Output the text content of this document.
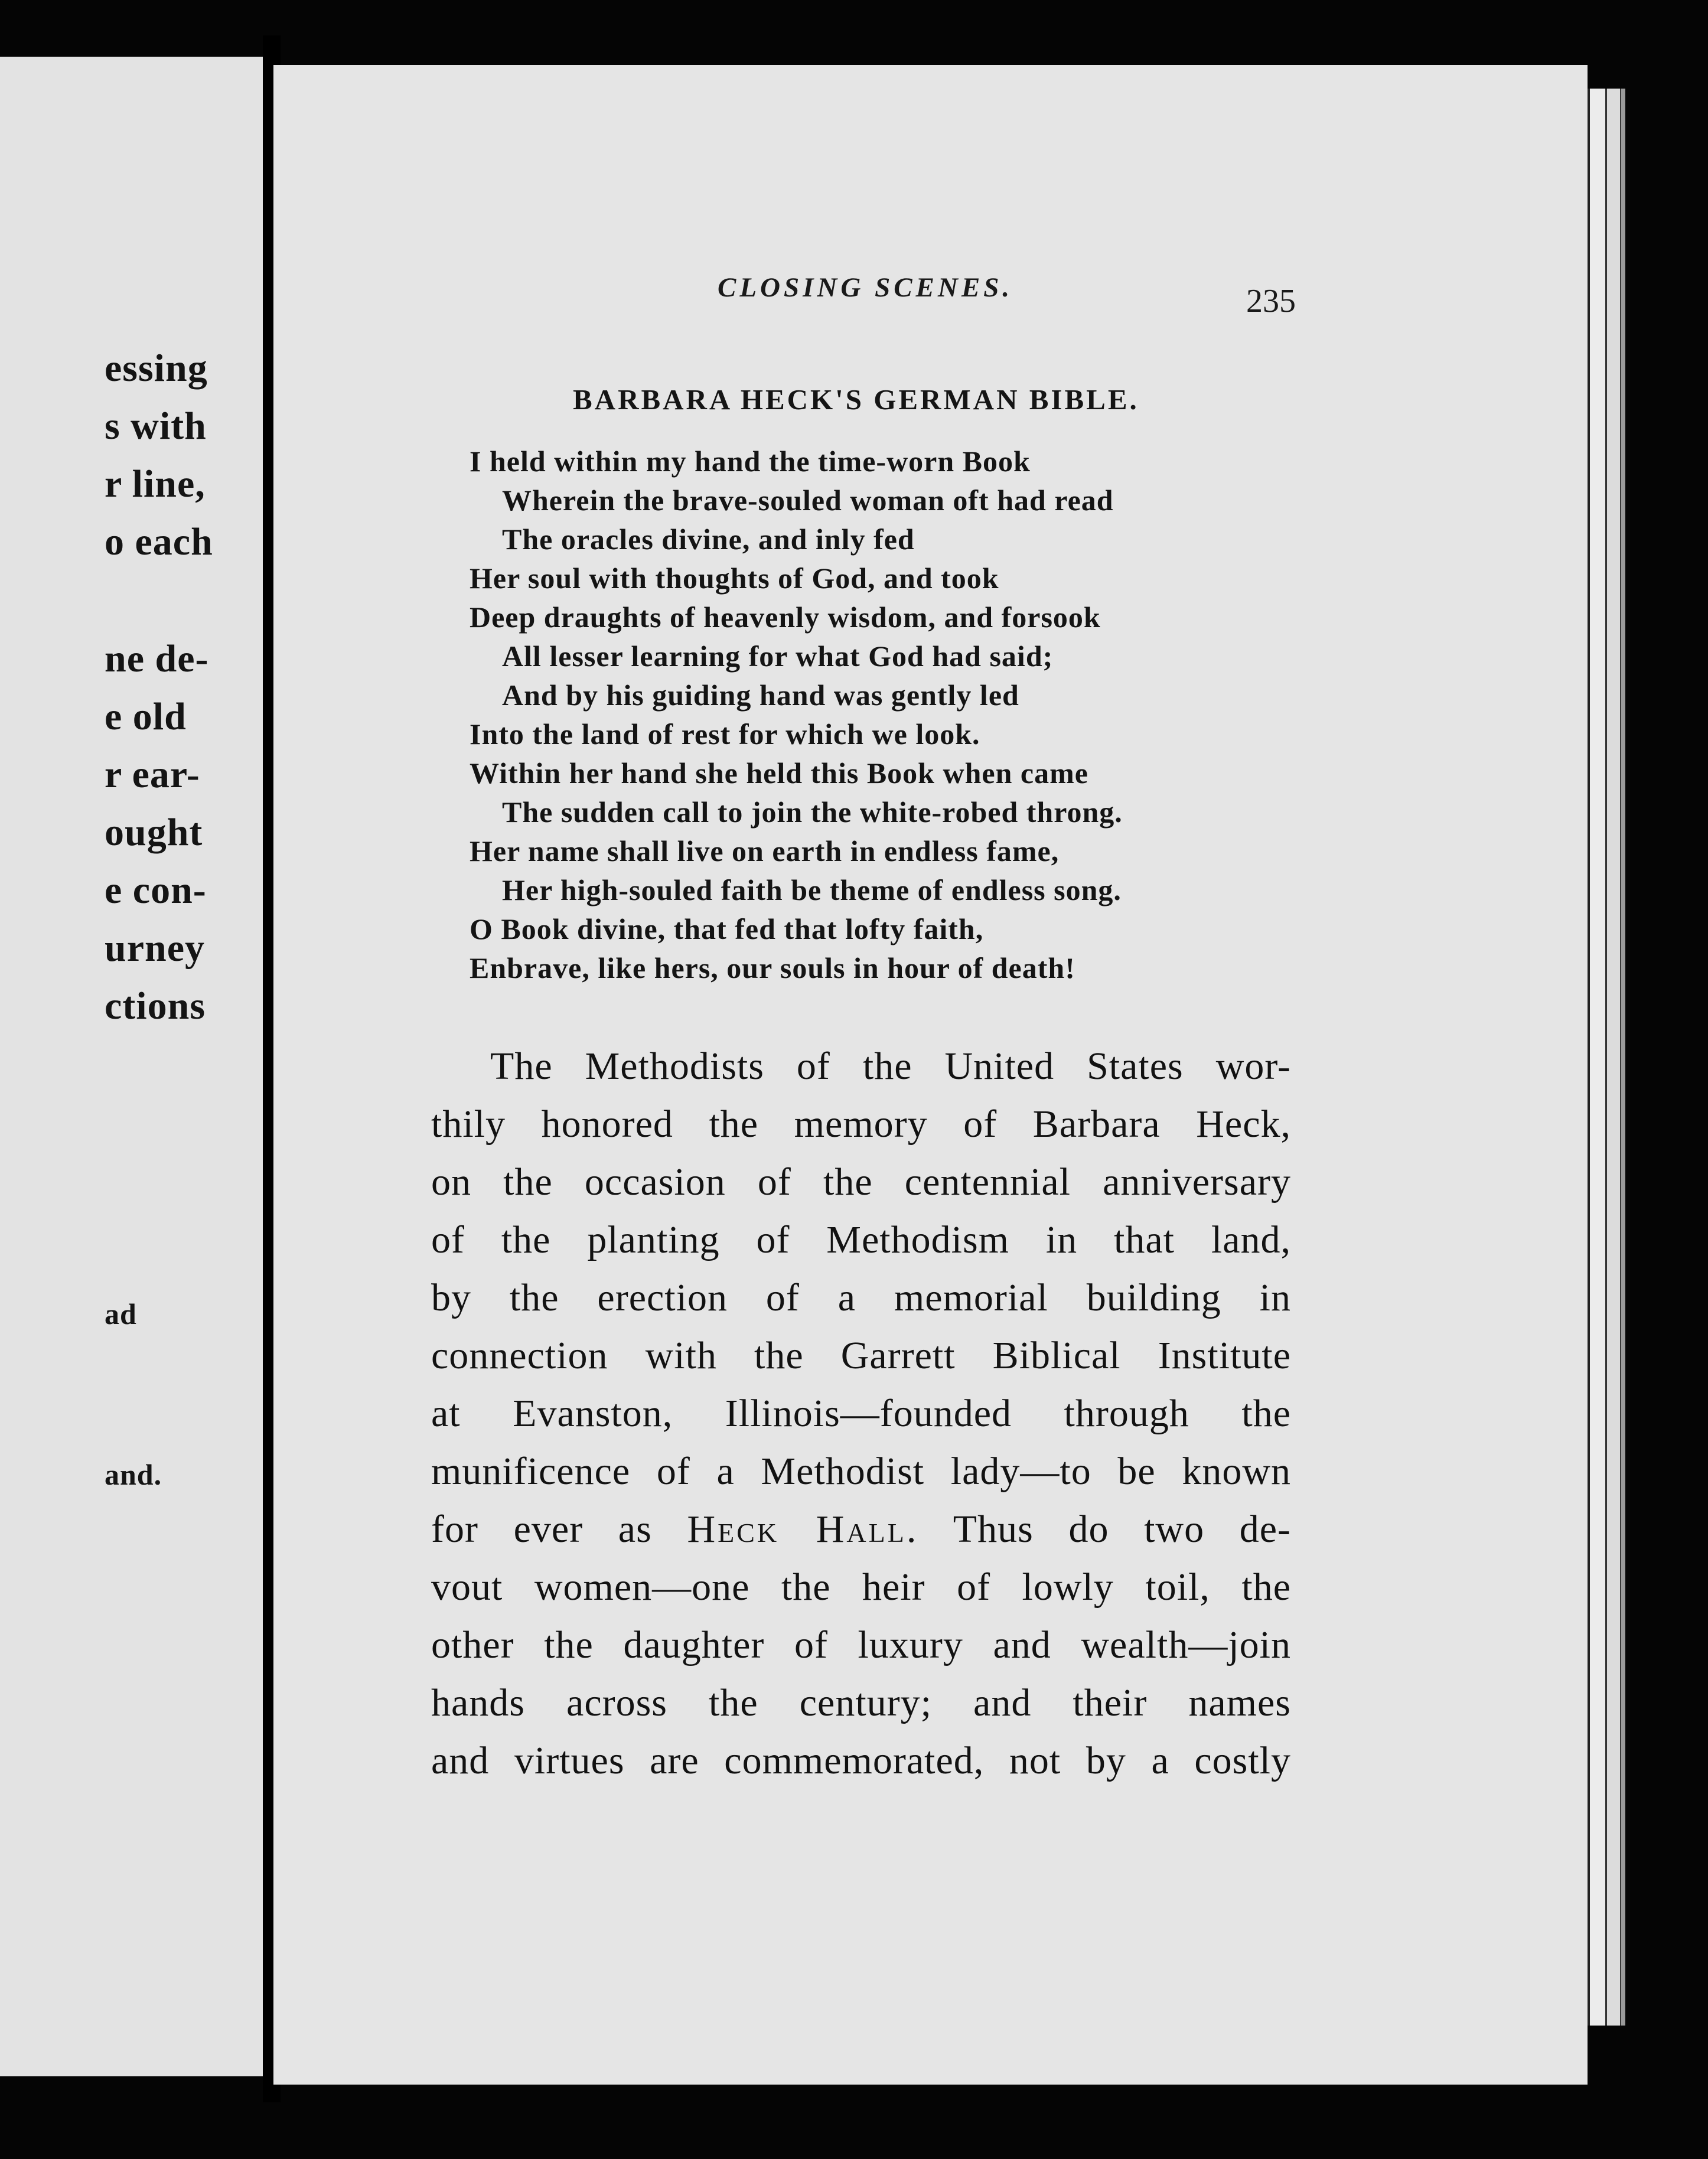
essing
s with
r line,
o each
ne de-
e old
r ear-
ought
e con-
urney
ctions
ad
and.
CLOSING SCENES.	235
BARBARA HECK'S GERMAN BIBLE.
I held within my hand the time-worn Book
Wherein the brave-souled woman oft had read
The oracles divine, and inly fed
Her soul with thoughts of God, and took
Deep draughts of heavenly wisdom, and forsook
All lesser learning for what God had said;
And by his guiding hand was gently led
Into the land of rest for which we look.
Within her hand she held this Book when came
The sudden call to join the white-robed throng.
Her name shall live on earth in endless fame,
Her high-souled faith be theme of endless song.
O Book divine, that fed that lofty faith,
Enbrave, like hers, our souls in hour of death!
The Methodists of the United States wor-
thily honored the memory of Barbara Heck,
on the occasion of the centennial anniversary
of the planting of Methodism in that land,
by the erection of a memorial building in
connection with the Garrett Biblical Institute
at Evanston, Illinois—founded through the
munificence of a Methodist lady—to be known
for ever as Heck Hall. Thus do two de-
vout women—one the heir of lowly toil, the
other the daughter of luxury and wealth—join
hands across the century; and their names
and virtues are commemorated, not by a costly
